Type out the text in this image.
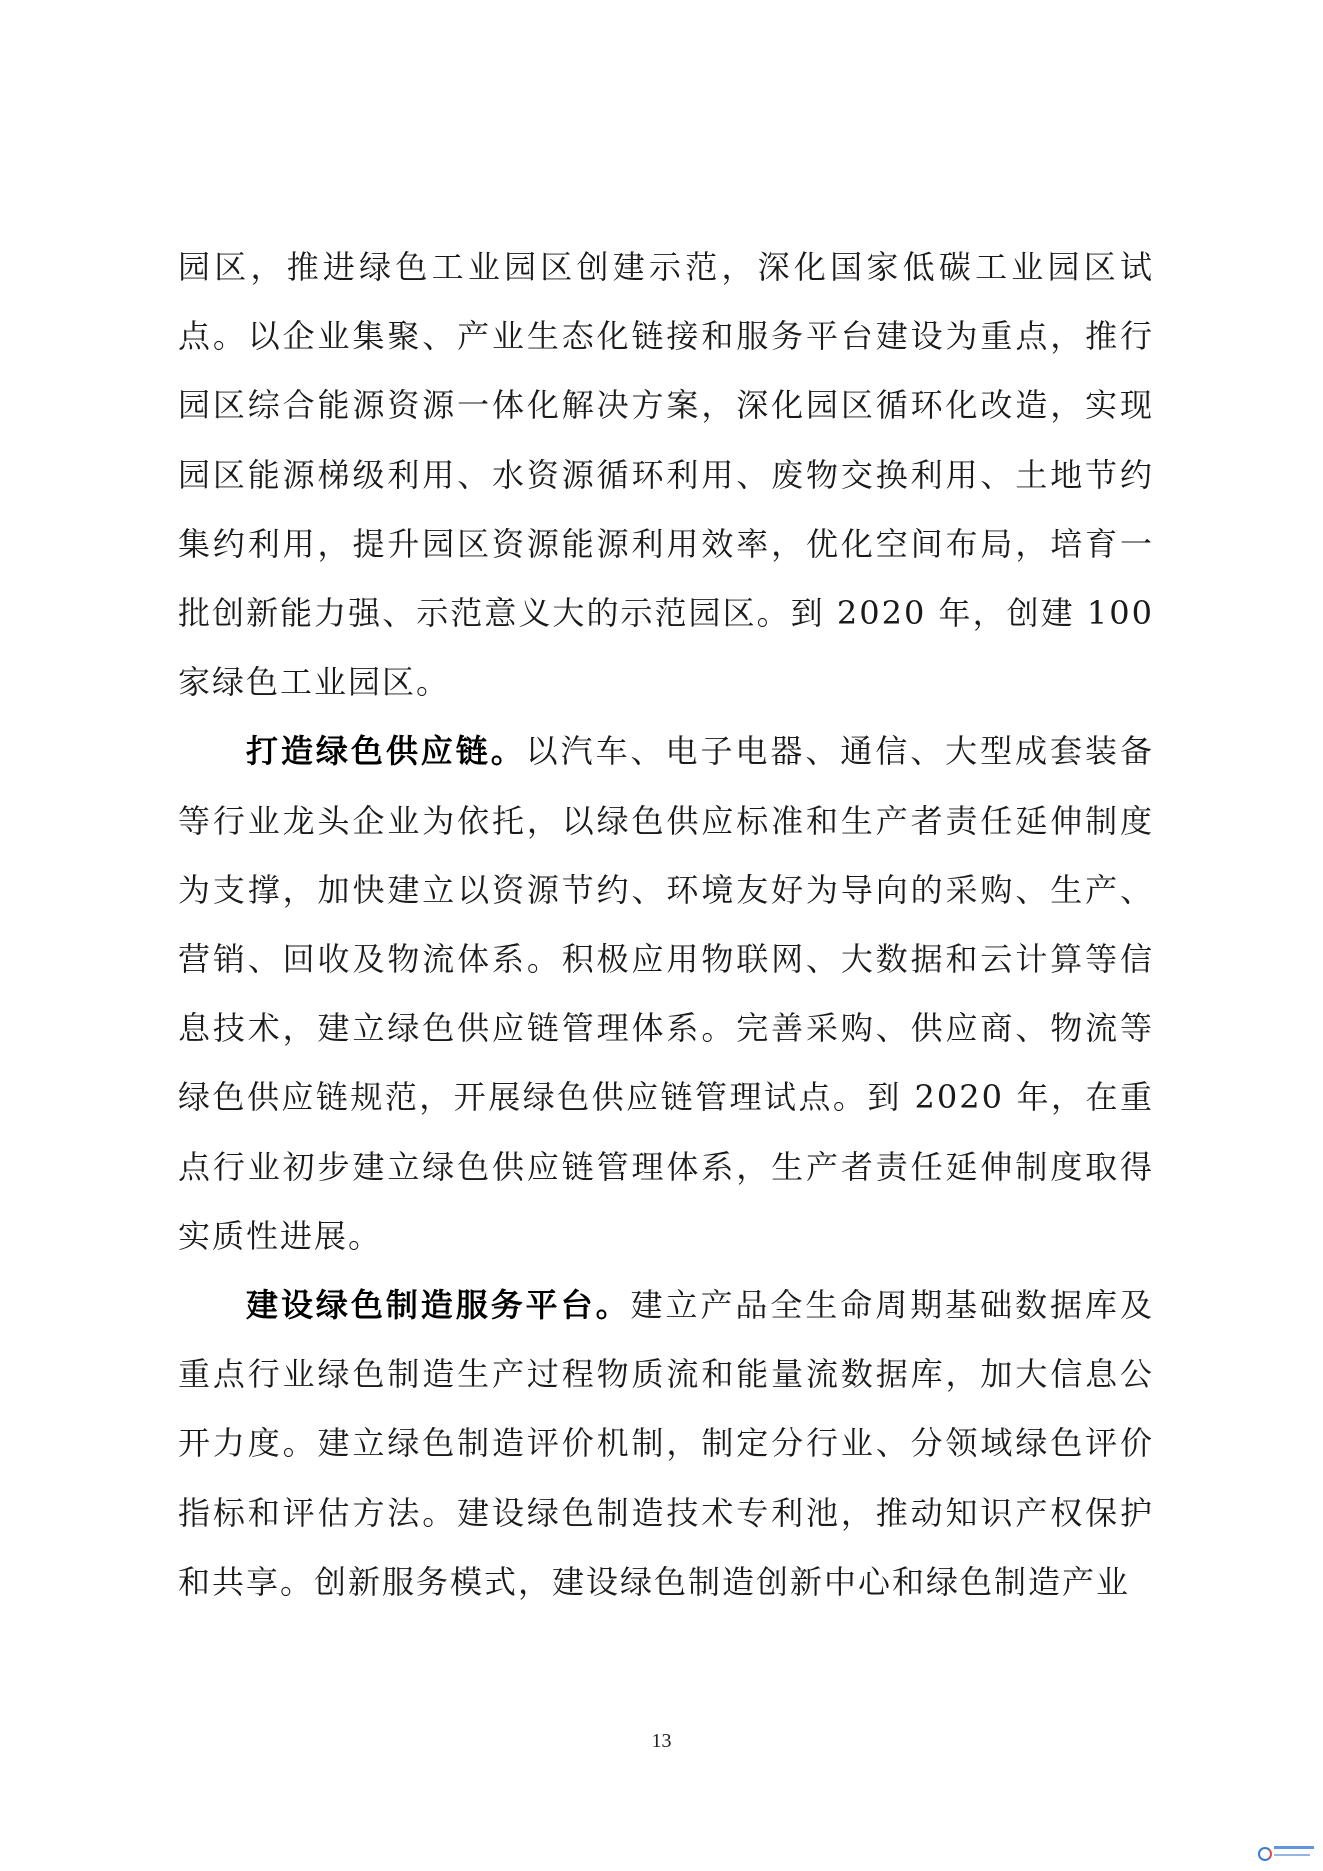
园区，推进绿色工业园区创建示范，深化国家低碳工业园区试点。以企业集聚、产业生态化链接和服务平台建设为重点，推行园区综合能源资源一体化解决方案，深化园区循环化改造，实现园区能源梯级利用、水资源循环利用、废物交换利用、土地节约集约利用，提升园区资源能源利用效率，优化空间布局，培育一批创新能力强、示范意义大的示范园区。到 2020 年，创建 100 家绿色工业园区。

打造绿色供应链。以汽车、电子电器、通信、大型成套装备等行业龙头企业为依托，以绿色供应标准和生产者责任延伸制度为支撑，加快建立以资源节约、环境友好为导向的采购、生产、营销、回收及物流体系。积极应用物联网、大数据和云计算等信息技术，建立绿色供应链管理体系。完善采购、供应商、物流等绿色供应链规范，开展绿色供应链管理试点。到 2020 年，在重点行业初步建立绿色供应链管理体系，生产者责任延伸制度取得实质性进展。

建设绿色制造服务平台。建立产品全生命周期基础数据库及重点行业绿色制造生产过程物质流和能量流数据库，加大信息公开力度。建立绿色制造评价机制，制定分行业、分领域绿色评价指标和评估方法。建设绿色制造技术专利池，推动知识产权保护和共享。创新服务模式，建设绿色制造创新中心和绿色制造产业

13
